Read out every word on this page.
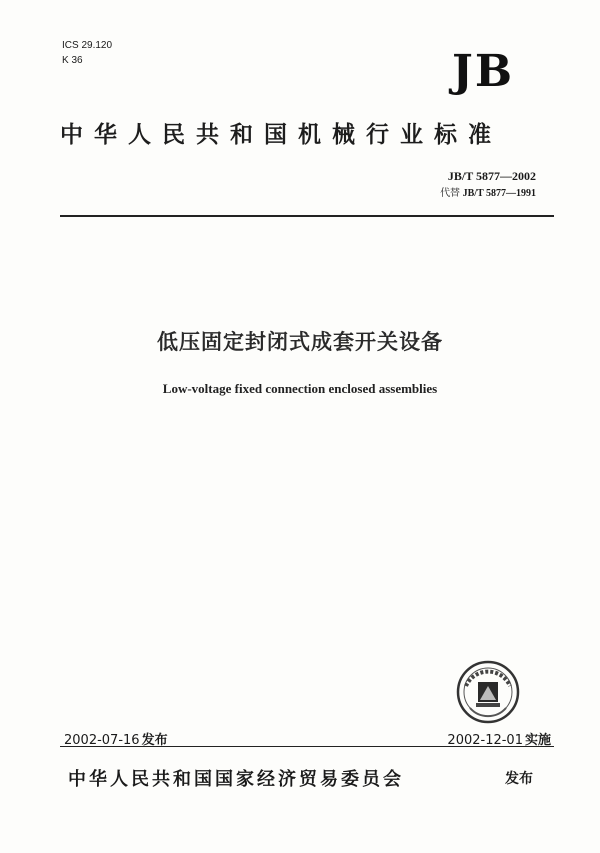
ICS 29.120
K 36	JB
中华人民共和国机械行业标准
JB/T 5877—2002
代替 JB/T 5877—1991
低压固定封闭式成套开关设备
Low-voltage fixed connection enclosed assemblies
2002-07-16 发布	2002-12-01 实施
中华人民共和国国家经济贸易委员会	发布
